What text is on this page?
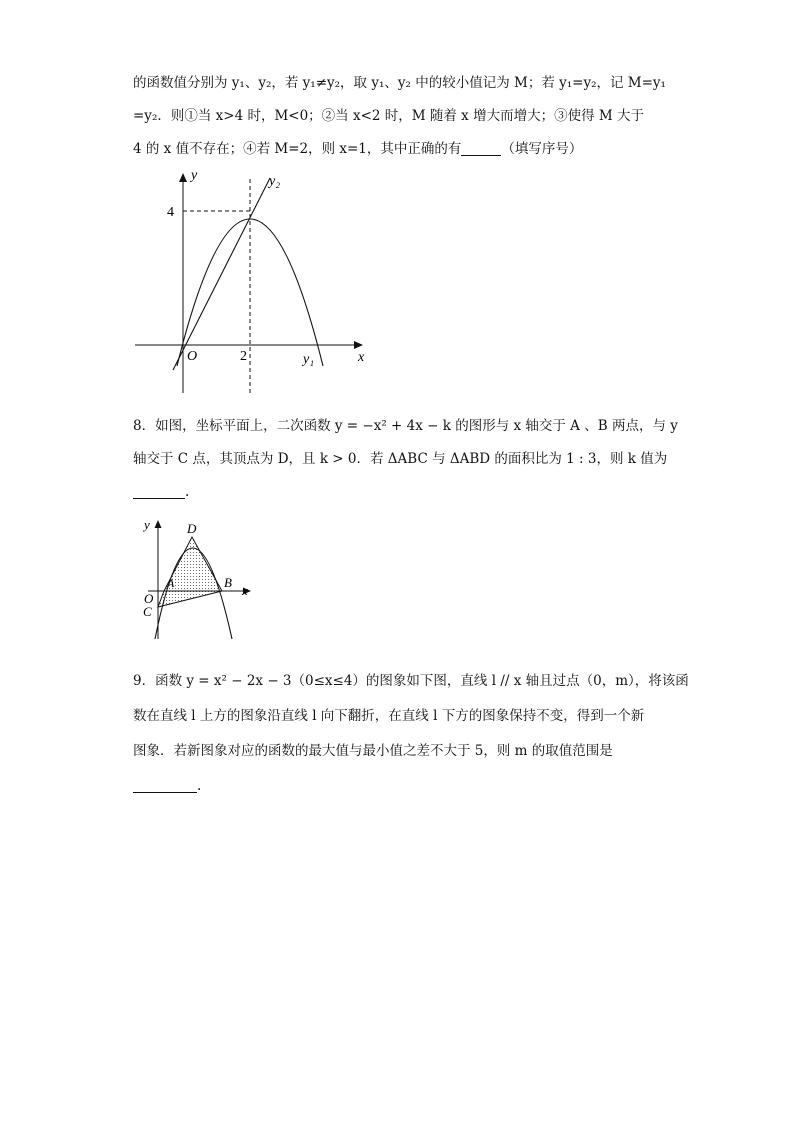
的函数值分别为 y₁、y₂，若 y₁≠y₂，取 y₁、y₂ 中的较小值记为 M；若 y₁=y₂，记 M=y₁
=y₂．则①当 x>4 时，M<0；②当 x<2 时，M 随着 x 增大而增大；③使得 M 大于
4 的 x 值不存在；④若 M=2，则 x=1，其中正确的有	（填写序号）
y	y₂
4
O	2	y₁	x
8．如图，坐标平面上，二次函数 y = −x² + 4x − k 的图形与 x 轴交于 A 、B 两点，与 y
轴交于 C 点，其顶点为 D，且 k > 0．若 ΔABC 与 ΔABD 的面积比为 1 : 3，则 k 值为
.
y	D
A	B
x
O
C
9．函数 y = x² − 2x − 3（0≤x≤4）的图象如下图，直线 l // x 轴且过点（0，m），将该函
数在直线 l 上方的图象沿直线 l 向下翻折，在直线 l 下方的图象保持不变，得到一个新
图象．若新图象对应的函数的最大值与最小值之差不大于 5，则 m 的取值范围是
.
